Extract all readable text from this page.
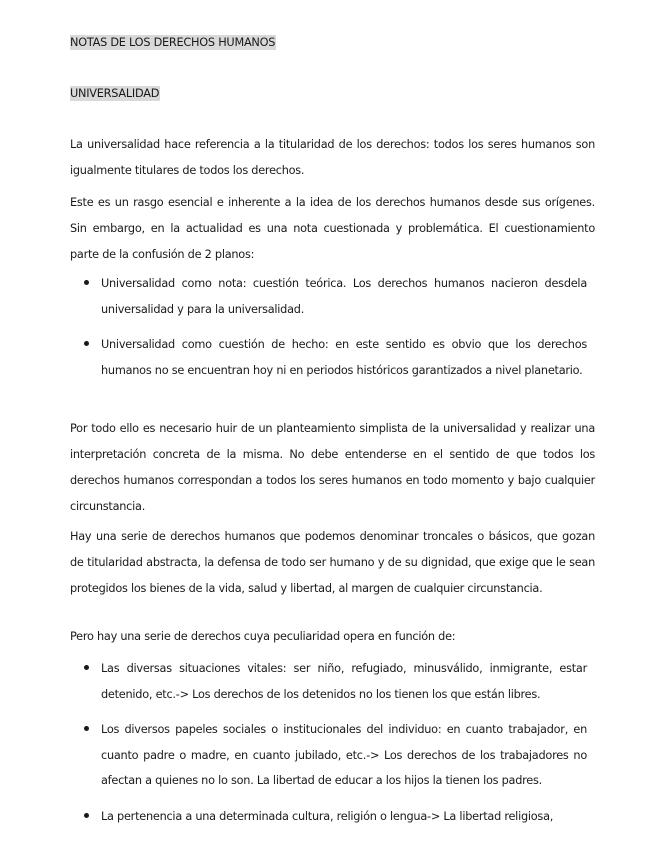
NOTAS DE LOS DERECHOS HUMANOS
UNIVERSALIDAD

La universalidad hace referencia a la titularidad de los derechos: todos los seres humanos son igualmente titulares de todos los derechos.

Este es un rasgo esencial e inherente a la idea de los derechos humanos desde sus orígenes. Sin embargo, en la actualidad es una nota cuestionada y problemática. El cuestionamiento parte de la confusión de 2 planos:

Universalidad como nota: cuestión teórica. Los derechos humanos nacieron desdela universalidad y para la universalidad.
Universalidad como cuestión de hecho: en este sentido es obvio que los derechos humanos no se encuentran hoy ni en periodos históricos garantizados a nivel planetario.

Por todo ello es necesario huir de un planteamiento simplista de la universalidad y realizar una interpretación concreta de la misma. No debe entenderse en el sentido de que todos los derechos humanos correspondan a todos los seres humanos en todo momento y bajo cualquier circunstancia.

Hay una serie de derechos humanos que podemos denominar troncales o básicos, que gozan de titularidad abstracta, la defensa de todo ser humano y de su dignidad, que exige que le sean protegidos los bienes de la vida, salud y libertad, al margen de cualquier circunstancia.

Pero hay una serie de derechos cuya peculiaridad opera en función de:

Las diversas situaciones vitales: ser niño, refugiado, minusválido, inmigrante, estar detenido, etc.-> Los derechos de los detenidos no los tienen los que están libres.
Los diversos papeles sociales o institucionales del individuo: en cuanto trabajador, en cuanto padre o madre, en cuanto jubilado, etc.-> Los derechos de los trabajadores no afectan a quienes no lo son. La libertad de educar a los hijos la tienen los padres.
La pertenencia a una determinada cultura, religión o lengua-> La libertad religiosa,
